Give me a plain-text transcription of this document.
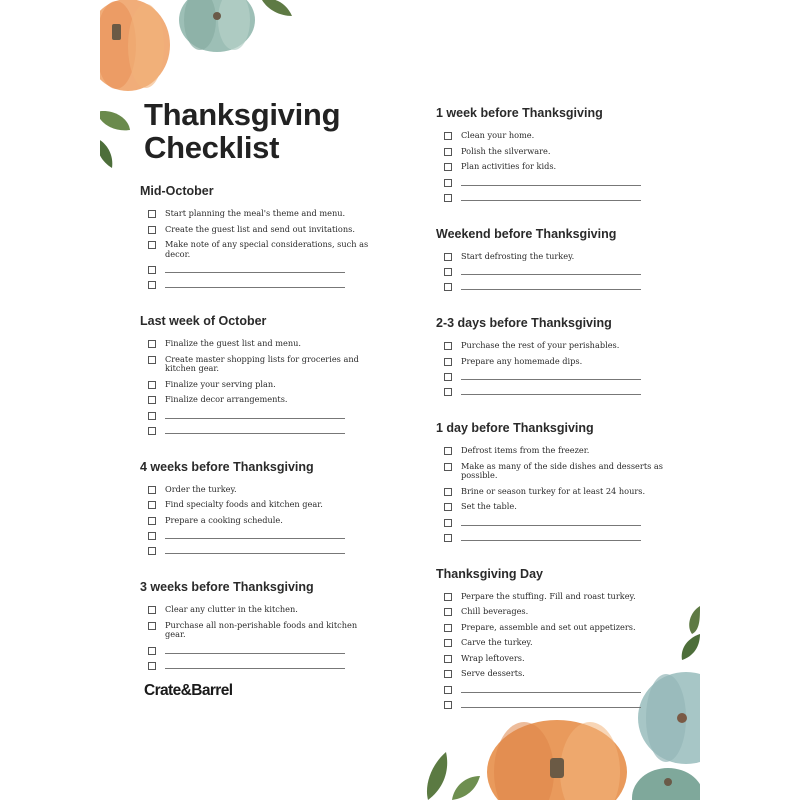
Thanksgiving
Checklist
Mid-October
Start planning the meal's theme and menu.
Create the guest list and send out invitations.
Make note of any special considerations, such as decor.
Last week of October
Finalize the guest list and menu.
Create master shopping lists for groceries and kitchen gear.
Finalize your serving plan.
Finalize decor arrangements.
4 weeks before Thanksgiving
Order the turkey.
Find specialty foods and kitchen gear.
Prepare a cooking schedule.
3 weeks before Thanksgiving
Clear any clutter in the kitchen.
Purchase all non-perishable foods and kitchen gear.
1 week before Thanksgiving
Clean your home.
Polish the silverware.
Plan activities for kids.
Weekend before Thanksgiving
Start defrosting the turkey.
2-3 days before Thanksgiving
Purchase the rest of your perishables.
Prepare any homemade dips.
1 day before Thanksgiving
Defrost items from the freezer.
Make as many of the side dishes and desserts as possible.
Brine or season turkey for at least 24 hours.
Set the table.
Thanksgiving Day
Perpare the stuffing. Fill and roast turkey.
Chill beverages.
Prepare, assemble and set out appetizers.
Carve the turkey.
Wrap leftovers.
Serve desserts.
Crate&Barrel
